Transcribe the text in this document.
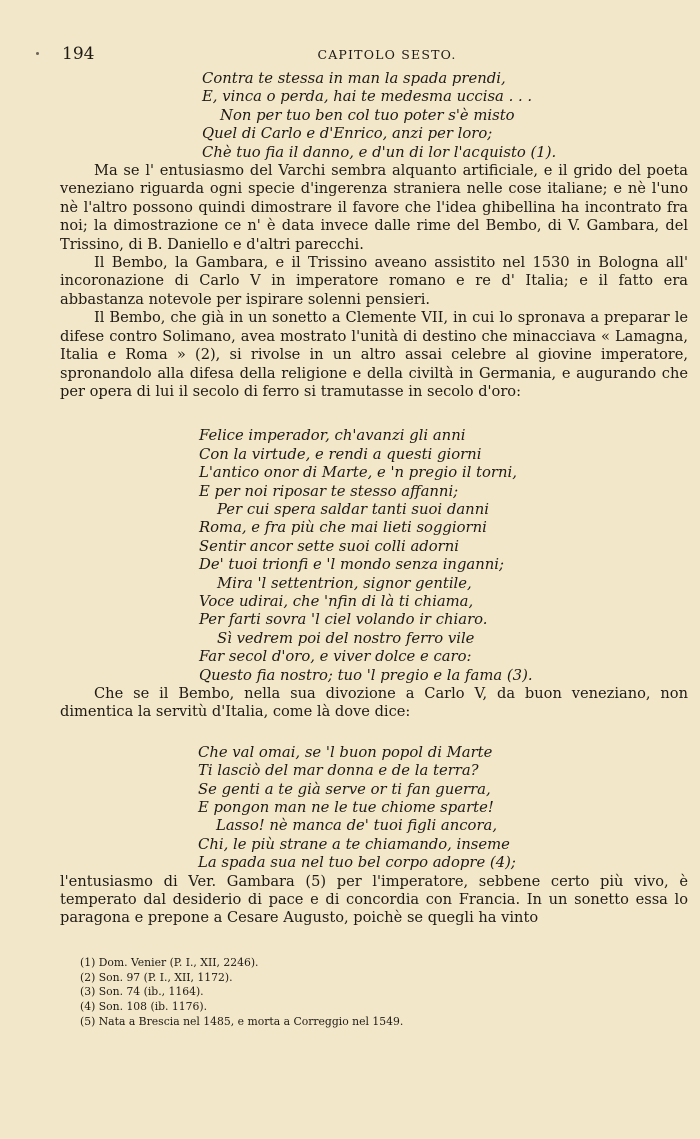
194	CAPITOLO SESTO.
Contra te stessa in man la spada prendi,
E, vinca o perda, hai te medesma uccisa . . .
Non per tuo ben col tuo poter s'è misto
Quel di Carlo e d'Enrico, anzi per loro;
Chè tuo fia il danno, e d'un di lor l'acquisto (1).

Ma se l' entusiasmo del Varchi sembra alquanto artificiale, e il grido del poeta veneziano riguarda ogni specie d'ingerenza straniera nelle cose italiane; e nè l'uno nè l'altro possono quindi dimostrare il favore che l'idea ghibellina ha incontrato fra noi; la dimostrazione ce n' è data invece dalle rime del Bembo, di V. Gambara, del Trissino, di B. Daniello e d'altri parecchi.

Il Bembo, la Gambara, e il Trissino aveano assistito nel 1530 in Bologna all' incoronazione di Carlo V in imperatore romano e re d' Italia; e il fatto era abbastanza notevole per ispirare solenni pensieri.

Il Bembo, che già in un sonetto a Clemente VII, in cui lo spronava a preparar le difese contro Solimano, avea mostrato l'unità di destino che minacciava « Lamagna, Italia e Roma » (2), si rivolse in un altro assai celebre al giovine imperatore, spronandolo alla difesa della religione e della civiltà in Germania, e augurando che per opera di lui il secolo di ferro si tramutasse in secolo d'oro:

Felice imperador, ch'avanzi gli anni
Con la virtude, e rendi a questi giorni
L'antico onor di Marte, e 'n pregio il torni,
E per noi riposar te stesso affanni;
Per cui spera saldar tanti suoi danni
Roma, e fra più che mai lieti soggiorni
Sentir ancor sette suoi colli adorni
De' tuoi trionfi e 'l mondo senza inganni;
Mira 'l settentrion, signor gentile,
Voce udirai, che 'nfin di là ti chiama,
Per farti sovra 'l ciel volando ir chiaro.
Sì vedrem poi del nostro ferro vile
Far secol d'oro, e viver dolce e caro:
Questo fia nostro; tuo 'l pregio e la fama (3).

Che se il Bembo, nella sua divozione a Carlo V, da buon veneziano, non dimentica la servitù d'Italia, come là dove dice:

Che val omai, se 'l buon popol di Marte
Ti lasciò del mar donna e de la terra?
Se genti a te già serve or ti fan guerra,
E pongon man ne le tue chiome sparte!
Lasso! nè manca de' tuoi figli ancora,
Chi, le più strane a te chiamando, inseme
La spada sua nel tuo bel corpo adopre (4);

l'entusiasmo di Ver. Gambara (5) per l'imperatore, sebbene certo più vivo, è temperato dal desiderio di pace e di concordia con Francia. In un sonetto essa lo paragona e prepone a Cesare Augusto, poichè se quegli ha vinto

(1) Dom. Venier (P. I., XII, 2246).
(2) Son. 97 (P. I., XII, 1172).
(3) Son. 74 (ib., 1164).
(4) Son. 108 (ib. 1176).
(5) Nata a Brescia nel 1485, e morta a Correggio nel 1549.
